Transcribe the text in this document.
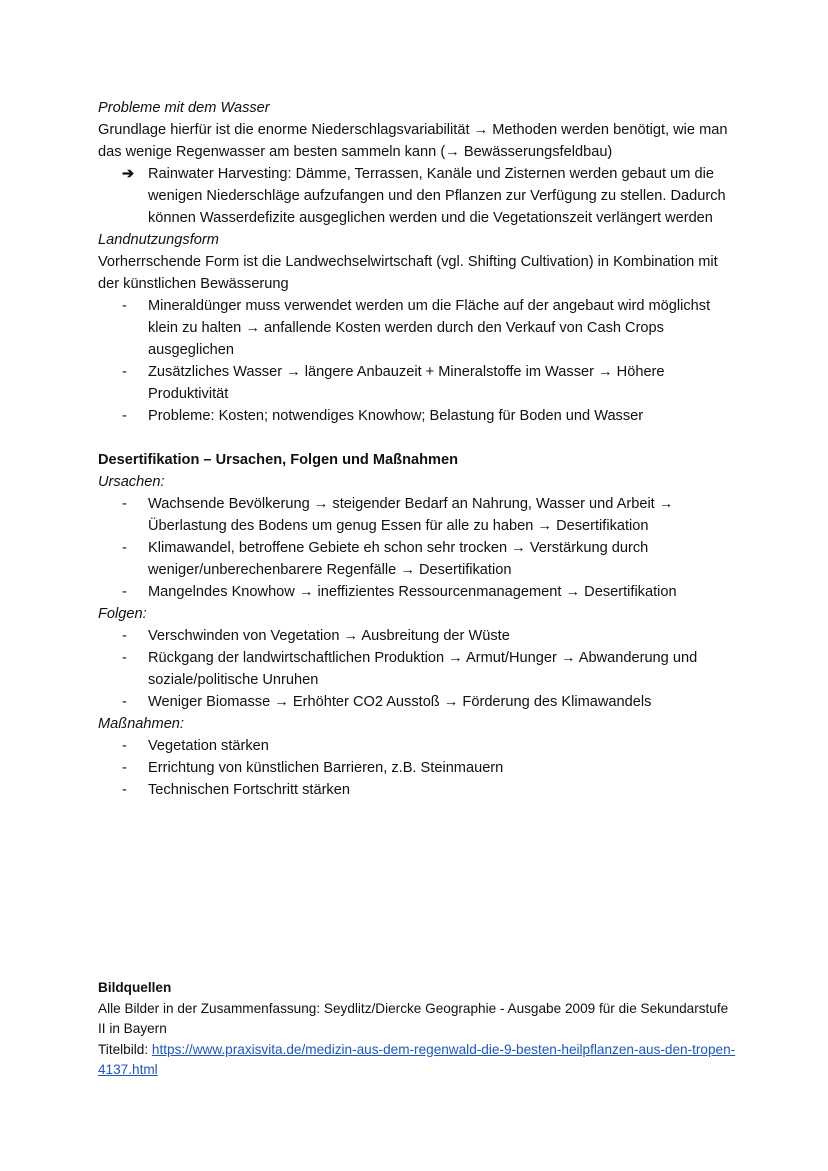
Probleme mit dem Wasser

Grundlage hierfür ist die enorme Niederschlagsvariabilität → Methoden werden benötigt, wie man das wenige Regenwasser am besten sammeln kann (→ Bewässerungsfeldbau)

➔ Rainwater Harvesting: Dämme, Terrassen, Kanäle und Zisternen werden gebaut um die wenigen Niederschläge aufzufangen und den Pflanzen zur Verfügung zu stellen. Dadurch können Wasserdefizite ausgeglichen werden und die Vegetationszeit verlängert werden

Landnutzungsform

Vorherrschende Form ist die Landwechselwirtschaft (vgl. Shifting Cultivation) in Kombination mit der künstlichen Bewässerung

- Mineraldünger muss verwendet werden um die Fläche auf der angebaut wird möglichst klein zu halten → anfallende Kosten werden durch den Verkauf von Cash Crops ausgeglichen
- Zusätzliches Wasser → längere Anbauzeit + Mineralstoffe im Wasser → Höhere Produktivität
- Probleme: Kosten; notwendiges Knowhow; Belastung für Boden und Wasser

Desertifikation – Ursachen, Folgen und Maßnahmen

Ursachen:

- Wachsende Bevölkerung → steigender Bedarf an Nahrung, Wasser und Arbeit → Überlastung des Bodens um genug Essen für alle zu haben → Desertifikation
- Klimawandel, betroffene Gebiete eh schon sehr trocken → Verstärkung durch weniger/unberechenbarere Regenfälle → Desertifikation
- Mangelndes Knowhow → ineffizientes Ressourcenmanagement → Desertifikation

Folgen:

- Verschwinden von Vegetation → Ausbreitung der Wüste
- Rückgang der landwirtschaftlichen Produktion → Armut/Hunger → Abwanderung und soziale/politische Unruhen
- Weniger Biomasse → Erhöhter CO2 Ausstoß → Förderung des Klimawandels

Maßnahmen:

- Vegetation stärken
- Errichtung von künstlichen Barrieren, z.B. Steinmauern
- Technischen Fortschritt stärken

Bildquellen

Alle Bilder in der Zusammenfassung: Seydlitz/Diercke Geographie - Ausgabe 2009 für die Sekundarstufe II in Bayern

Titelbild: https://www.praxisvita.de/medizin-aus-dem-regenwald-die-9-besten-heilpflanzen-aus-den-tropen-4137.html
